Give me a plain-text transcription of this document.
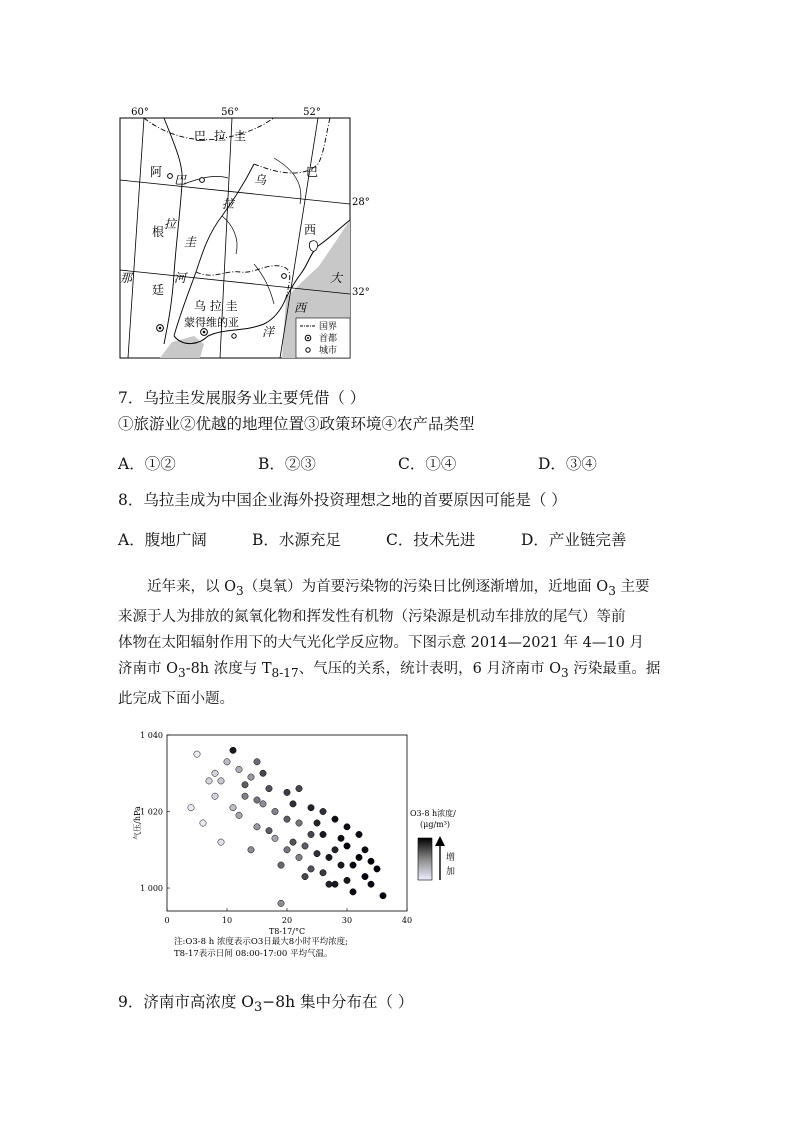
60°	56°	52°
28°
32°
巴 拉 圭
阿
根
廷
巴
西
乌
拉
圭
巴
拉
那	河
乌 拉 圭
蒙得维的亚
大
西
洋	国界
首都
城市
7．乌拉圭发展服务业主要凭借（ ）
①旅游业②优越的地理位置③政策环境④农产品类型
A．①②	B．②③	C．①④	D．③④
8．乌拉圭成为中国企业海外投资理想之地的首要原因可能是（ ）
A．腹地广阔	B．水源充足	C．技术先进	D．产业链完善

近年来，以 $O_3$（臭氧）为首要污染物的污染日比例逐渐增加，近地面 $O_3$ 主要

来源于人为排放的氮氧化物和挥发性有机物（污染源是机动车排放的尾气）等前

体物在太阳辐射作用下的大气光化学反应物。下图示意 2014—2021 年 4—10 月

济南市 $O_3-8h$ 浓度与 $T_{8-17}$、气压的关系，统计表明，6 月济南市 $O_3$ 污染最重。据

此完成下面小题。

0	10	20	30	40
1 040
1 020
1 000
气压/hPa
T8-17/°C
O3-8 h浓度/
(μg/m³)
增
加
注:O3-8 h 浓度表示O3日最大8小时平均浓度;
T8-17表示日间 08:00-17:00 平均气温。
9．济南市高浓度 $O_3-8h$ 集中分布在（ ）
